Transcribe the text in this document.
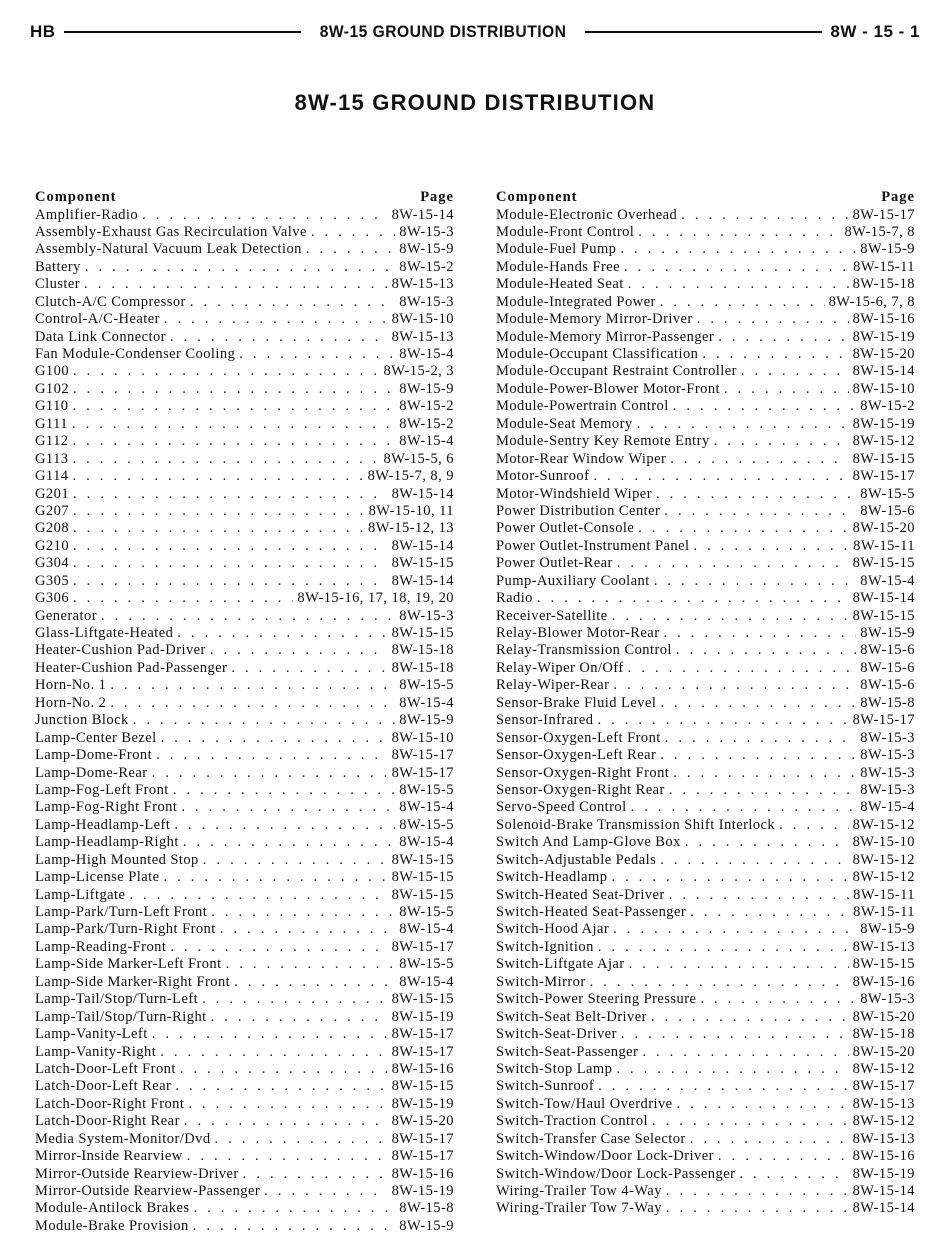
HB	8W-15 GROUND DISTRIBUTION	8W - 15 - 1
8W-15 GROUND DISTRIBUTION
Component	Page
Amplifier-Radio . . .	8W-15-14
Assembly-Exhaust Gas Recirculation Valve . . .	8W-15-3
Assembly-Natural Vacuum Leak Detection . . .	8W-15-9
Battery . . .	8W-15-2
Cluster . . .	8W-15-13
Clutch-A/C Compressor . . .	8W-15-3
Control-A/C-Heater . . .	8W-15-10
Data Link Connector . . .	8W-15-13
Fan Module-Condenser Cooling . . .	8W-15-4
G100 . . .	8W-15-2, 3
G102 . . .	8W-15-9
G110 . . .	8W-15-2
G111 . . .	8W-15-2
G112 . . .	8W-15-4
G113 . . .	8W-15-5, 6
G114 . . .	8W-15-7, 8, 9
G201 . . .	8W-15-14
G207 . . .	8W-15-10, 11
G208 . . .	8W-15-12, 13
G210 . . .	8W-15-14
G304 . . .	8W-15-15
G305 . . .	8W-15-14
G306 . . .	8W-15-16, 17, 18, 19, 20
Generator . . .	8W-15-3
Glass-Liftgate-Heated . . .	8W-15-15
Heater-Cushion Pad-Driver . . .	8W-15-18
Heater-Cushion Pad-Passenger . . .	8W-15-18
Horn-No. 1 . . .	8W-15-5
Horn-No. 2 . . .	8W-15-4
Junction Block . . .	8W-15-9
Lamp-Center Bezel . . .	8W-15-10
Lamp-Dome-Front . . .	8W-15-17
Lamp-Dome-Rear . . .	8W-15-17
Lamp-Fog-Left Front . . .	8W-15-5
Lamp-Fog-Right Front . . .	8W-15-4
Lamp-Headlamp-Left . . .	8W-15-5
Lamp-Headlamp-Right . . .	8W-15-4
Lamp-High Mounted Stop . . .	8W-15-15
Lamp-License Plate . . .	8W-15-15
Lamp-Liftgate . . .	8W-15-15
Lamp-Park/Turn-Left Front . . .	8W-15-5
Lamp-Park/Turn-Right Front . . .	8W-15-4
Lamp-Reading-Front . . .	8W-15-17
Lamp-Side Marker-Left Front . . .	8W-15-5
Lamp-Side Marker-Right Front . . .	8W-15-4
Lamp-Tail/Stop/Turn-Left . . .	8W-15-15
Lamp-Tail/Stop/Turn-Right . . .	8W-15-19
Lamp-Vanity-Left . . .	8W-15-17
Lamp-Vanity-Right . . .	8W-15-17
Latch-Door-Left Front . . .	8W-15-16
Latch-Door-Left Rear . . .	8W-15-15
Latch-Door-Right Front . . .	8W-15-19
Latch-Door-Right Rear . . .	8W-15-20
Media System-Monitor/Dvd . . .	8W-15-17
Mirror-Inside Rearview . . .	8W-15-17
Mirror-Outside Rearview-Driver . . .	8W-15-16
Mirror-Outside Rearview-Passenger . . .	8W-15-19
Module-Antilock Brakes . . .	8W-15-8
Module-Brake Provision . . .	8W-15-9
Component	Page
Module-Electronic Overhead . . .	8W-15-17
Module-Front Control . . .	8W-15-7, 8
Module-Fuel Pump . . .	8W-15-9
Module-Hands Free . . .	8W-15-11
Module-Heated Seat . . .	8W-15-18
Module-Integrated Power . . .	8W-15-6, 7, 8
Module-Memory Mirror-Driver . . .	8W-15-16
Module-Memory Mirror-Passenger . . .	8W-15-19
Module-Occupant Classification . . .	8W-15-20
Module-Occupant Restraint Controller . . .	8W-15-14
Module-Power-Blower Motor-Front . . .	8W-15-10
Module-Powertrain Control . . .	8W-15-2
Module-Seat Memory . . .	8W-15-19
Module-Sentry Key Remote Entry . . .	8W-15-12
Motor-Rear Window Wiper . . .	8W-15-15
Motor-Sunroof . . .	8W-15-17
Motor-Windshield Wiper . . .	8W-15-5
Power Distribution Center . . .	8W-15-6
Power Outlet-Console . . .	8W-15-20
Power Outlet-Instrument Panel . . .	8W-15-11
Power Outlet-Rear . . .	8W-15-15
Pump-Auxiliary Coolant . . .	8W-15-4
Radio . . .	8W-15-14
Receiver-Satellite . . .	8W-15-15
Relay-Blower Motor-Rear . . .	8W-15-9
Relay-Transmission Control . . .	8W-15-6
Relay-Wiper On/Off . . .	8W-15-6
Relay-Wiper-Rear . . .	8W-15-6
Sensor-Brake Fluid Level . . .	8W-15-8
Sensor-Infrared . . .	8W-15-17
Sensor-Oxygen-Left Front . . .	8W-15-3
Sensor-Oxygen-Left Rear . . .	8W-15-3
Sensor-Oxygen-Right Front . . .	8W-15-3
Sensor-Oxygen-Right Rear . . .	8W-15-3
Servo-Speed Control . . .	8W-15-4
Solenoid-Brake Transmission Shift Interlock . . .	8W-15-12
Switch And Lamp-Glove Box . . .	8W-15-10
Switch-Adjustable Pedals . . .	8W-15-12
Switch-Headlamp . . .	8W-15-12
Switch-Heated Seat-Driver . . .	8W-15-11
Switch-Heated Seat-Passenger . . .	8W-15-11
Switch-Hood Ajar . . .	8W-15-9
Switch-Ignition . . .	8W-15-13
Switch-Liftgate Ajar . . .	8W-15-15
Switch-Mirror . . .	8W-15-16
Switch-Power Steering Pressure . . .	8W-15-3
Switch-Seat Belt-Driver . . .	8W-15-20
Switch-Seat-Driver . . .	8W-15-18
Switch-Seat-Passenger . . .	8W-15-20
Switch-Stop Lamp . . .	8W-15-12
Switch-Sunroof . . .	8W-15-17
Switch-Tow/Haul Overdrive . . .	8W-15-13
Switch-Traction Control . . .	8W-15-12
Switch-Transfer Case Selector . . .	8W-15-13
Switch-Window/Door Lock-Driver . . .	8W-15-16
Switch-Window/Door Lock-Passenger . . .	8W-15-19
Wiring-Trailer Tow 4-Way . . .	8W-15-14
Wiring-Trailer Tow 7-Way . . .	8W-15-14
